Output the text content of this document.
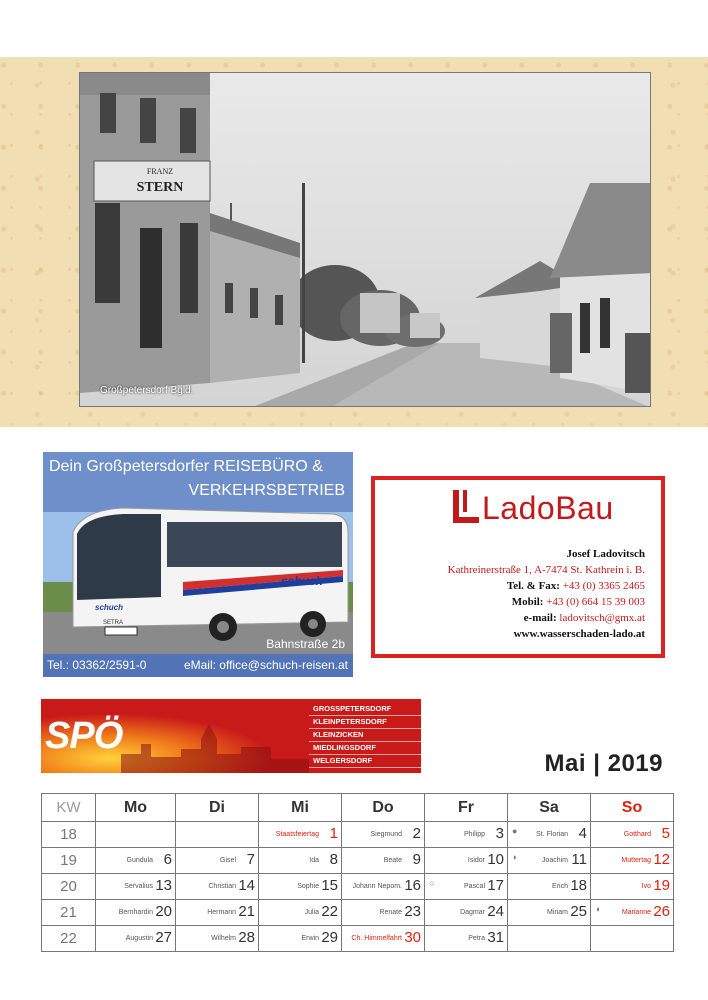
STERN
FRANZ
Großpetersdorf Bgld.
schuch
schuch
SETRA
Dein Großpetersdorfer REISEBÜRO &
VERKEHRSBETRIEB
Bahnstraße 2b
Tel.: 03362/2591-0	eMail: office@schuch-reisen.at
LadoBau
Josef Ladovitsch
Kathreinerstraße 1, A-7474 St. Kathrein i. B.
Tel. & Fax: +43 (0) 3365 2465
Mobil: +43 (0) 664 15 39 003
e-mail: ladovitsch@gmx.at
www.wasserschaden-lado.at
SPÖ
GROSSPETERSDORF
KLEINPETERSDORF
KLEINZICKEN
MIEDLINGSDORF
WELGERSDORF	Mai | 2019
KW	Mo	Di	Mi	Do	Fr	Sa	So
18			Staatsfeiertag 1	Siegmund 2	Philipp 3	● St. Florian 4	Gotthard 5

19	Gundula 6	Gisel 7	Ida 8	Beate 9	Isidor 10	◗ Joachim 11	Muttertag 12

20	Servalius 13	Christian 14	Sophie 15	Johann Nepom. 16	○ Pascal 17	Erich 18	Ivo 19

21	Bernhardin 20	Hermann 21	Julia 22	Renate 23	Dagmar 24	Miriam 25	◖ Marianne 26

22	Augustin 27	Wilhelm 28	Erwin 29	Ch. Himmelfahrt 30	Petra 31		
